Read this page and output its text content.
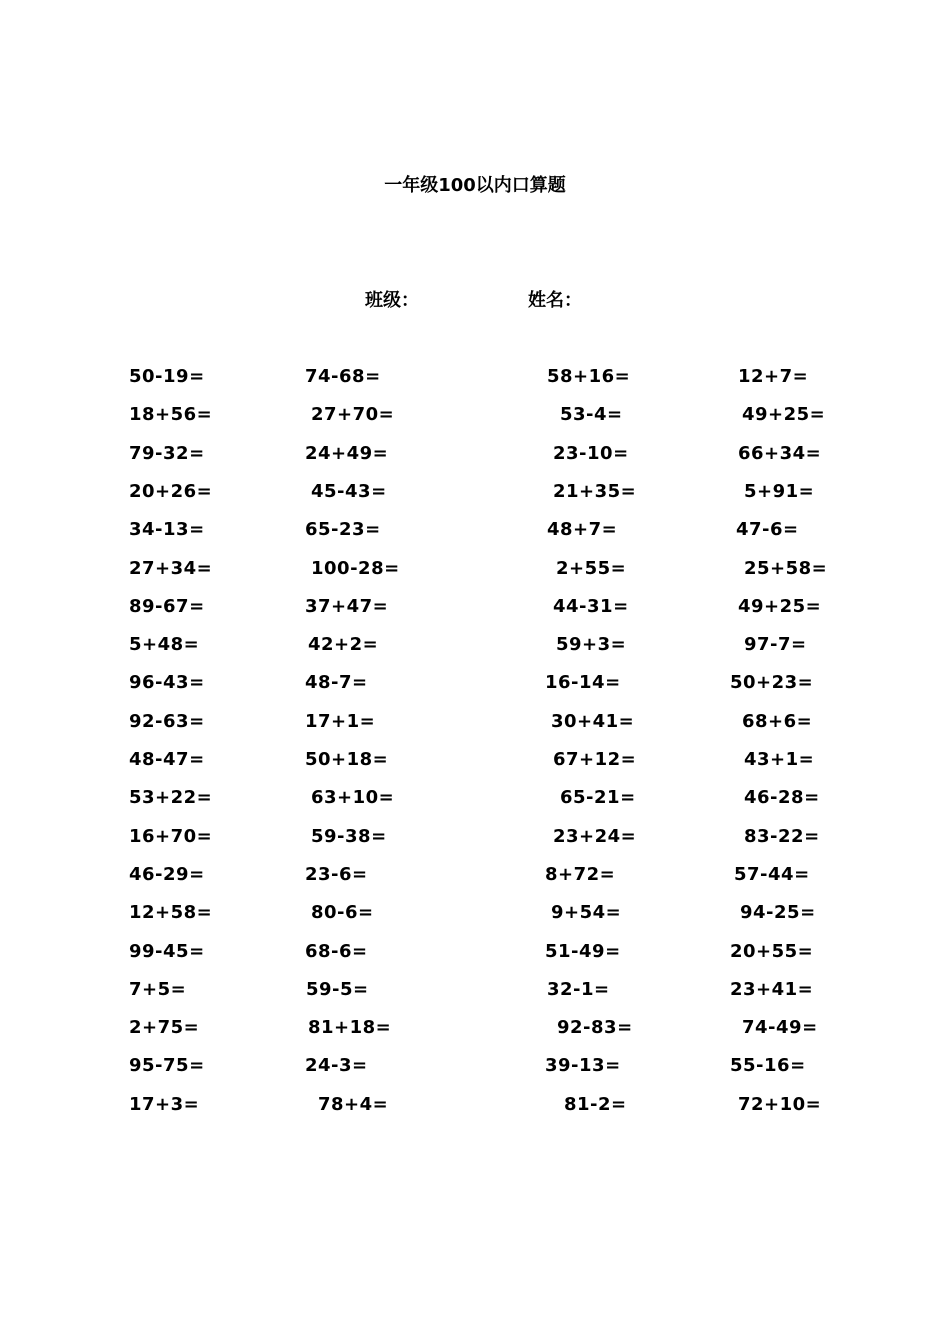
一年级100以内口算题
班级：	姓名：
50-19=	74-68=	58+16=	12+7=
18+56=	27+70=	53-4=	49+25=
79-32=	24+49=	23-10=	66+34=
20+26=	45-43=	21+35=	5+91=
34-13=	65-23=	48+7=	47-6=
27+34=	100-28=	2+55=	25+58=
89-67=	37+47=	44-31=	49+25=
5+48=	42+2=	59+3=	97-7=
96-43=	48-7=	16-14=	50+23=
92-63=	17+1=	30+41=	68+6=
48-47=	50+18=	67+12=	43+1=
53+22=	63+10=	65-21=	46-28=
16+70=	59-38=	23+24=	83-22=
46-29=	23-6=	8+72=	57-44=
12+58=	80-6=	9+54=	94-25=
99-45=	68-6=	51-49=	20+55=
7+5=	59-5=	32-1=	23+41=
2+75=	81+18=	92-83=	74-49=
95-75=	24-3=	39-13=	55-16=
17+3=	78+4=	81-2=	72+10=
